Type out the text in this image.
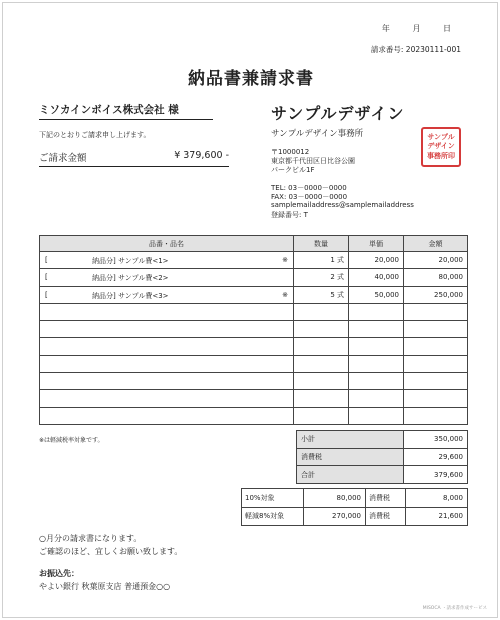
年 月 日
請求番号: 20230111-001
納品書兼請求書
ミソカインボイス株式会社 様
下記のとおりご請求申し上げます。
ご請求金額	¥ 379,600 -
サンプルデザイン
サンプルデザイン事務所
〒1000012
東京都千代田区日比谷公園
パークビル1F
TEL: 03－0000－0000
FAX: 03－0000－0000
samplemailaddress@samplemailaddress
登録番号: T
サンプル
デザイン
事務所印
品番・品名	数量	単価	金額

[ 納品分] サンプル費<1> ※	1 式	20,000	20,000

[ 納品分] サンプル費<2>	2 式	40,000	80,000

[ 納品分] サンプル費<3> ※	5 式	50,000	250,000

※は軽減税率対象です。	小計	350,000
消費税	29,600
合計	379,600
10%対象	80,000	消費税	8,000
軽減8%対象	270,000	消費税	21,600
○月分の請求書になります。
ご確認のほど、宜しくお願い致します。
お振込先：
やよい銀行 秋葉原支店 普通預金○○
MISOCA ・請求書作成サービス
